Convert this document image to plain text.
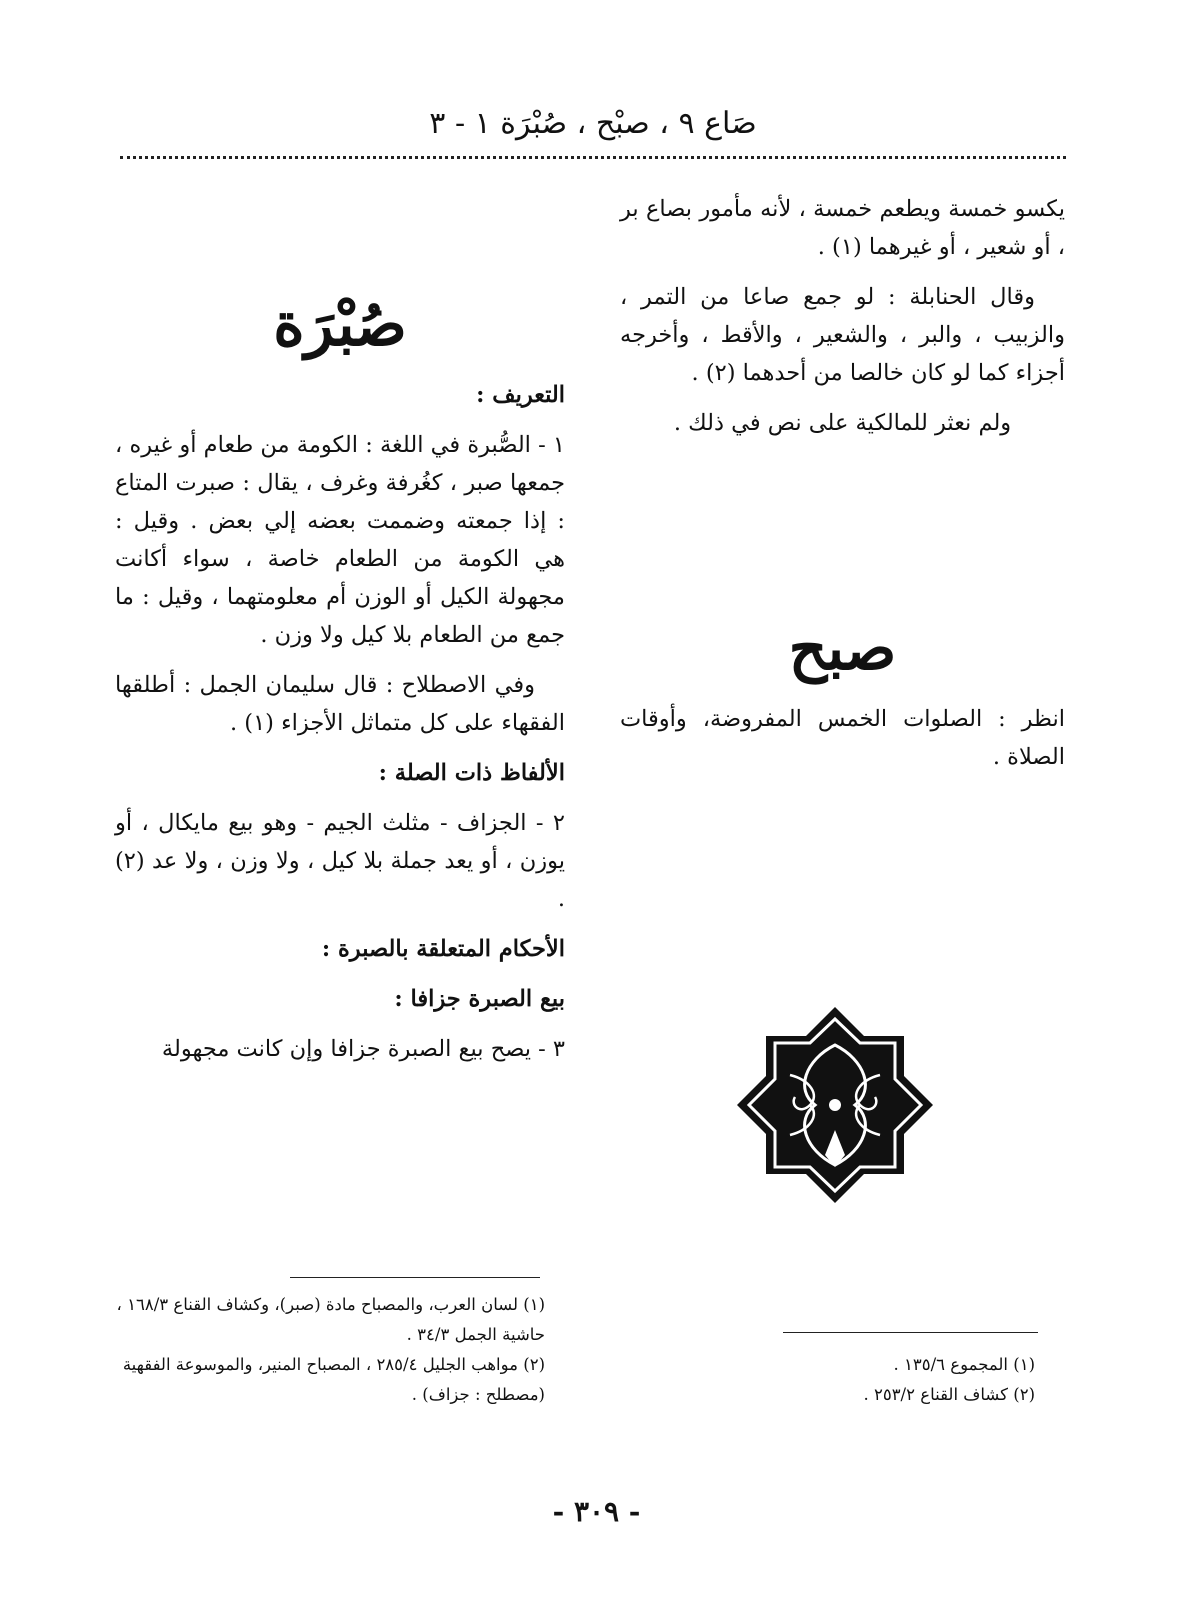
صَاع ٩ ، صبْح ، صُبْرَة ١ - ٣

يكسو خمسة ويطعم خمسة ، لأنه مأمور بصاع بر ، أو شعير ، أو غيرهما (١) .

وقال الحنابلة : لو جمع صاعا من التمر ، والزبيب ، والبر ، والشعير ، والأقط ، وأخرجه أجزاء كما لو كان خالصا من أحدهما (٢) .

ولم نعثر للمالكية على نص في ذلك .

صبح

انظر : الصلوات الخمس المفروضة، وأوقات الصلاة .

(١) المجموع ١٣٥/٦ .

(٢) كشاف القناع ٢٥٣/٢ .

صُبْرَة

التعريف :

١ - الصُّبرة في اللغة : الكومة من طعام أو غيره ، جمعها صبر ، كغُرفة وغرف ، يقال : صبرت المتاع : إذا جمعته وضممت بعضه إلي بعض . وقيل : هي الكومة من الطعام خاصة ، سواء أكانت مجهولة الكيل أو الوزن أم معلومتهما ، وقيل : ما جمع من الطعام بلا كيل ولا وزن .

وفي الاصطلاح : قال سليمان الجمل : أطلقها الفقهاء على كل متماثل الأجزاء (١) .

الألفاظ ذات الصلة :

٢ - الجزاف - مثلث الجيم - وهو بيع مايكال ، أو يوزن ، أو يعد جملة بلا كيل ، ولا وزن ، ولا عد (٢) .

الأحكام المتعلقة بالصبرة :

بيع الصبرة جزافا :

٣ - يصح بيع الصبرة جزافا وإن كانت مجهولة

(١) لسان العرب، والمصباح مادة (صبر)، وكشاف القناع ١٦٨/٣ ، حاشية الجمل ٣٤/٣ .

(٢) مواهب الجليل ٢٨٥/٤ ، المصباح المنير، والموسوعة الفقهية (مصطلح : جزاف) .

- ٣٠٩ -
